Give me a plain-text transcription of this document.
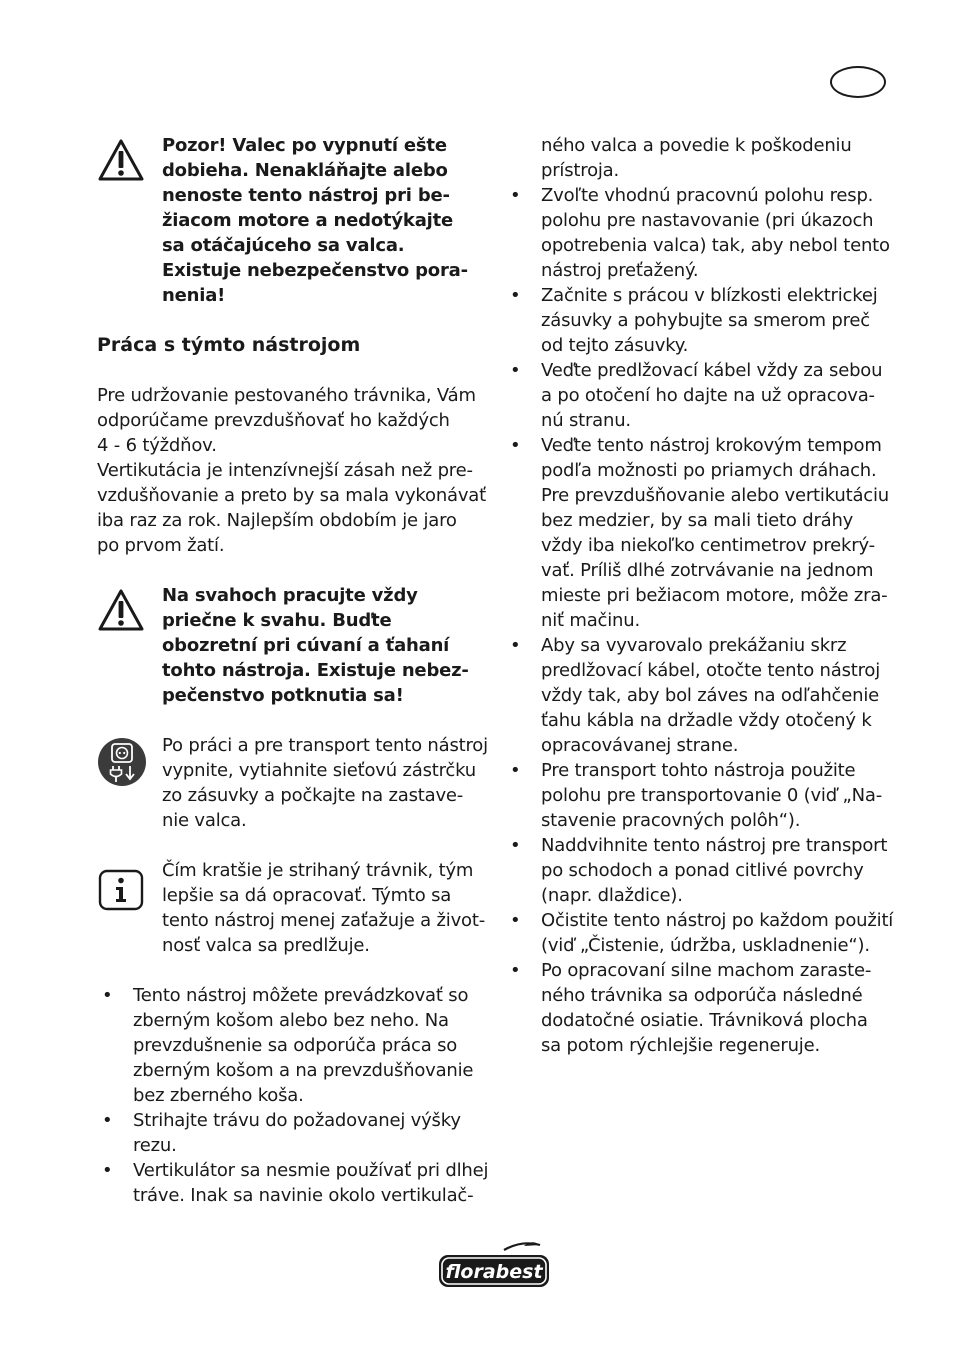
Pozor! Valec po vypnutí ešte
dobieha. Nenakláňajte alebo
nenoste tento nástroj pri be-
žiacom motore a nedotýkajte
sa otáčajúceho sa valca.
Existuje nebezpečenstvo pora-
nenia!

Práca s týmto nástrojom

Pre udržovanie pestovaného trávnika, Vám
odporúčame prevzdušňovať ho každých
4 - 6 týždňov.

Vertikutácia je intenzívnejší zásah než pre-
vzdušňovanie a preto by sa mala vykonávať
iba raz za rok. Najlepším obdobím je jaro
po prvom žatí.

Na svahoch pracujte vždy
priečne k svahu. Buďte
obozretní pri cúvaní a ťahaní
tohto nástroja. Existuje nebez-
pečenstvo potknutia sa!

Po práci a pre transport tento nástroj
vypnite, vytiahnite sieťovú zástrčku
zo zásuvky a počkajte na zastave-
nie valca.

Čím kratšie je strihaný trávnik, tým
lepšie sa dá opracovať. Týmto sa
tento nástroj menej zaťažuje a život-
nosť valca sa predlžuje.

• Tento nástroj môžete prevádzkovať so
zberným košom alebo bez neho. Na
prevzdušnenie sa odporúča práca so
zberným košom a na prevzdušňovanie
bez zberného koša.
• Strihajte trávu do požadovanej výšky
rezu.
• Vertikulátor sa nesmie používať pri dlhej
tráve. Inak sa navinie okolo vertikulač-

ného valca a povedie k poškodeniu
prístroja.

• Zvoľte vhodnú pracovnú polohu resp.
polohu pre nastavovanie (pri úkazoch
opotrebenia valca) tak, aby nebol tento
nástroj preťažený.
• Začnite s prácou v blízkosti elektrickej
zásuvky a pohybujte sa smerom preč
od tejto zásuvky.
• Veďte predlžovací kábel vždy za sebou
a po otočení ho dajte na už opracova-
nú stranu.
• Veďte tento nástroj krokovým tempom
podľa možnosti po priamych dráhach.
Pre prevzdušňovanie alebo vertikutáciu
bez medzier, by sa mali tieto dráhy
vždy iba niekoľko centimetrov prekrý-
vať. Príliš dlhé zotrvávanie na jednom
mieste pri bežiacom motore, môže zra-
niť mačinu.
• Aby sa vyvarovalo prekážaniu skrz
predlžovací kábel, otočte tento nástroj
vždy tak, aby bol záves na odľahčenie
ťahu kábla na držadle vždy otočený k
opracovávanej strane.
• Pre transport tohto nástroja použite
polohu pre transportovanie 0 (viď „Na-
stavenie pracovných polôh“).
• Naddvihnite tento nástroj pre transport
po schodoch a ponad citlivé povrchy
(napr. dlaždice).
• Očistite tento nástroj po každom použití
(viď „Čistenie, údržba, uskladnenie“).
• Po opracovaní silne machom zaraste-
ného trávnika sa odporúča následné
dodatočné osiatie. Trávniková plocha
sa potom rýchlejšie regeneruje.
florabest
